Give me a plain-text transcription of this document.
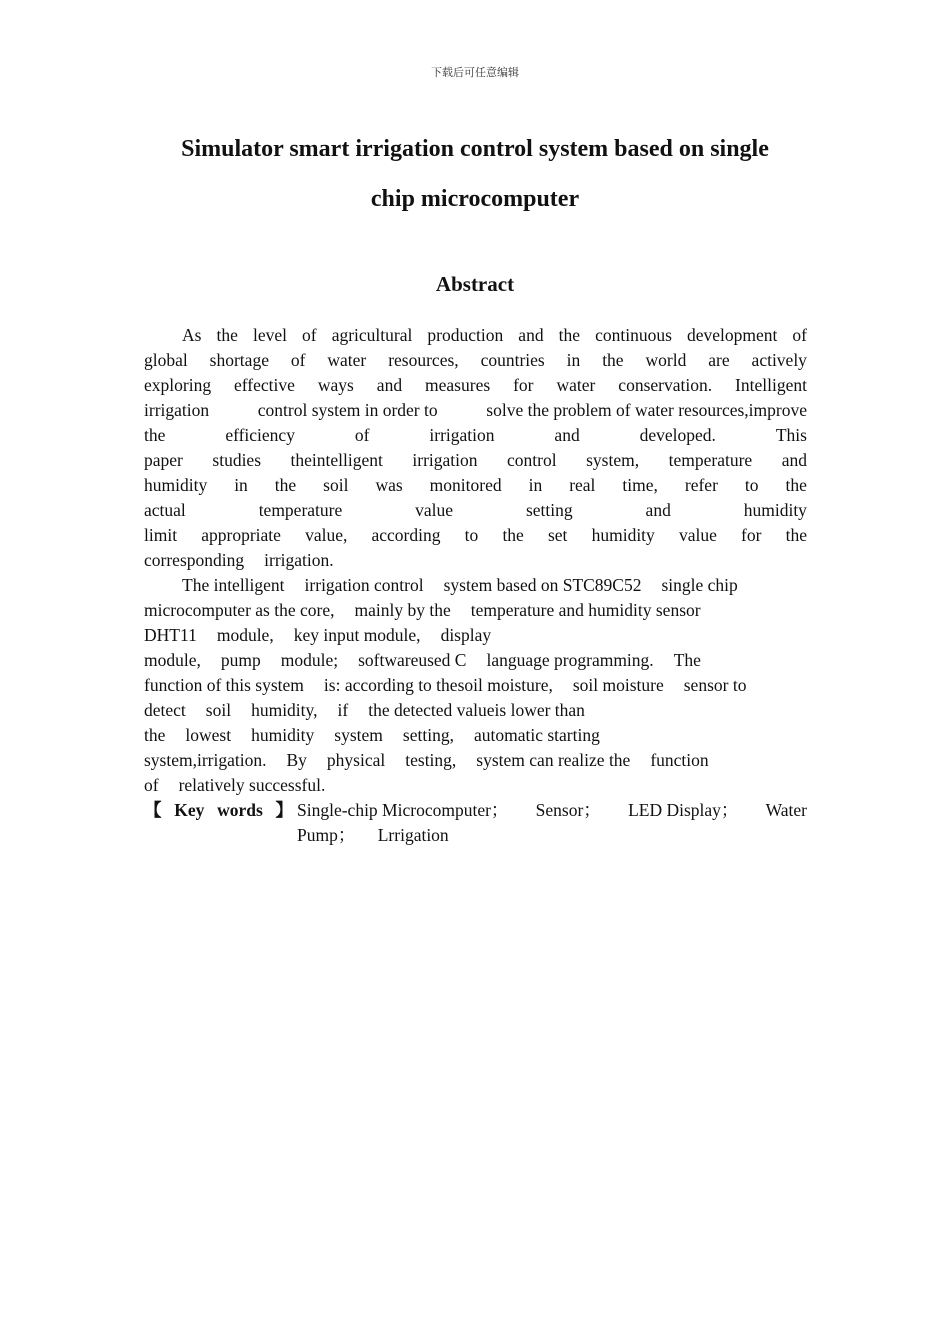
下载后可任意编辑
Simulator smart irrigation control system based on single
chip microcomputer
Abstract
As the level of agricultural production and the continuous development of
global shortage of water resources, countries in the world are actively
exploring effective ways and measures for water conservation. Intelligent
irrigation	control system in order to	solve the problem of water resources,improve
the	efficiency	of	irrigation	and	developed.	This
paper studies theintelligent irrigation control system, temperature and
humidity in the soil was monitored in real time, refer to the
actual	temperature	value	setting	and	humidity
limit appropriate value, according to the set humidity value for the
corresponding irrigation.
The intelligent irrigation control system based on STC89C52 single chip
microcomputer as the core, mainly by the temperature and humidity sensor
DHT11 module, key input module, display
module, pump module; softwareused C language programming. The
function of this system is: according to thesoil moisture, soil moisture sensor to
detect soil humidity, if the detected valueis lower than
the lowest humidity system setting, automatic starting
system,irrigation. By physical testing, system can realize the function
of relatively successful.
【 Key words 】 Single-chip Microcomputer； Sensor； LED Display； Water
Pump； Lrrigation
